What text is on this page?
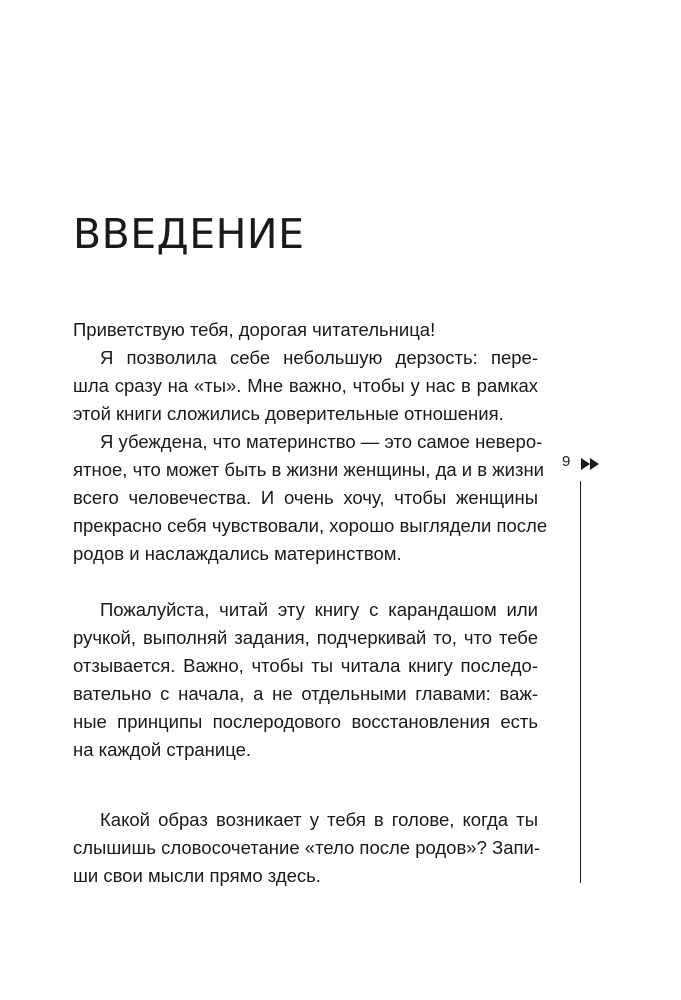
ВВЕДЕНИЕ

Приветствую тебя, дорогая читательница!

Я позволила себе небольшую дерзость: пере-

шла сразу на «ты». Мне важно, чтобы у нас в рамках

этой книги сложились доверительные отношения.

Я убеждена, что материнство — это самое неверо-

ятное, что может быть в жизни женщины, да и в жизни

всего человечества. И очень хочу, чтобы женщины

прекрасно себя чувствовали, хорошо выглядели после

родов и наслаждались материнством.

Пожалуйста, читай эту книгу с карандашом или

ручкой, выполняй задания, подчеркивай то, что тебе

отзывается. Важно, чтобы ты читала книгу последо-

вательно с начала, а не отдельными главами: важ-

ные принципы послеродового восстановления есть

на каждой странице.

Какой образ возникает у тебя в голове, когда ты

слышишь словосочетание «тело после родов»? Запи-

ши свои мысли прямо здесь.

9
